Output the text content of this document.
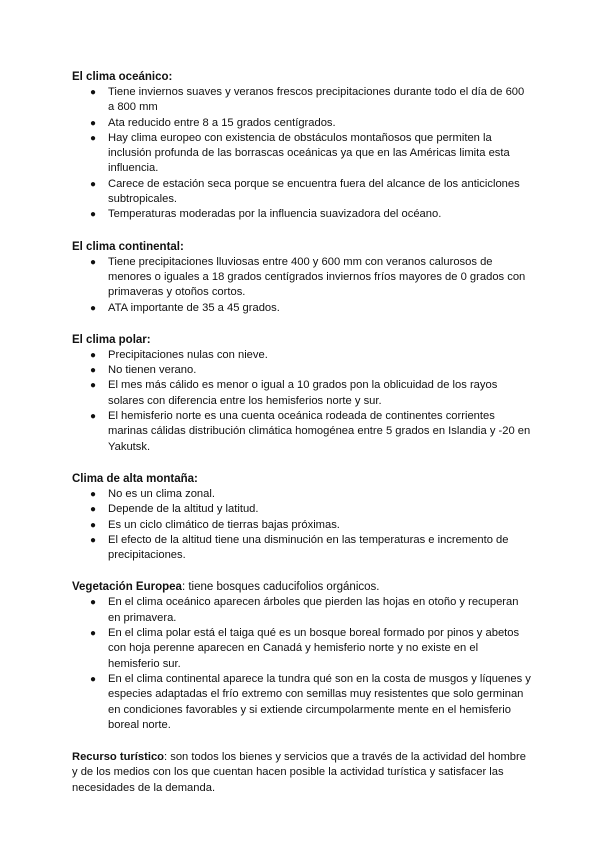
El clima oceánico:

● Tiene inviernos suaves y veranos frescos precipitaciones durante todo el día de 600 a 800 mm
● Ata reducido entre 8 a 15 grados centígrados.
● Hay clima europeo con existencia de obstáculos montañosos que permiten la inclusión profunda de las borrascas oceánicas ya que en las Américas limita esta influencia.
● Carece de estación seca porque se encuentra fuera del alcance de los anticiclones subtropicales.
● Temperaturas moderadas por la influencia suavizadora del océano.

El clima continental:

● Tiene precipitaciones lluviosas entre 400 y 600 mm con veranos calurosos de menores o iguales a 18 grados centígrados inviernos fríos mayores de 0 grados con primaveras y otoños cortos.
● ATA importante de 35 a 45 grados.

El clima polar:

● Precipitaciones nulas con nieve.
● No tienen verano.
● El mes más cálido es menor o igual a 10 grados pon la oblicuidad de los rayos solares con diferencia entre los hemisferios norte y sur.
● El hemisferio norte es una cuenta oceánica rodeada de continentes corrientes marinas cálidas distribución climática homogénea entre 5 grados en Islandia y -20 en Yakutsk.

Clima de alta montaña:

● No es un clima zonal.
● Depende de la altitud y latitud.
● Es un ciclo climático de tierras bajas próximas.
● El efecto de la altitud tiene una disminución en las temperaturas e incremento de precipitaciones.

Vegetación Europea: tiene bosques caducifolios orgánicos.

● En el clima oceánico aparecen árboles que pierden las hojas en otoño y recuperan en primavera.
● En el clima polar está el taiga qué es un bosque boreal formado por pinos y abetos con hoja perenne aparecen en Canadá y hemisferio norte y no existe en el hemisferio sur.
● En el clima continental aparece la tundra qué son en la costa de musgos y líquenes y especies adaptadas el frío extremo con semillas muy resistentes que solo germinan en condiciones favorables y si extiende circumpolarmente mente en el hemisferio boreal norte.

Recurso turístico: son todos los bienes y servicios que a través de la actividad del hombre y de los medios con los que cuentan hacen posible la actividad turística y satisfacer las necesidades de la demanda.
